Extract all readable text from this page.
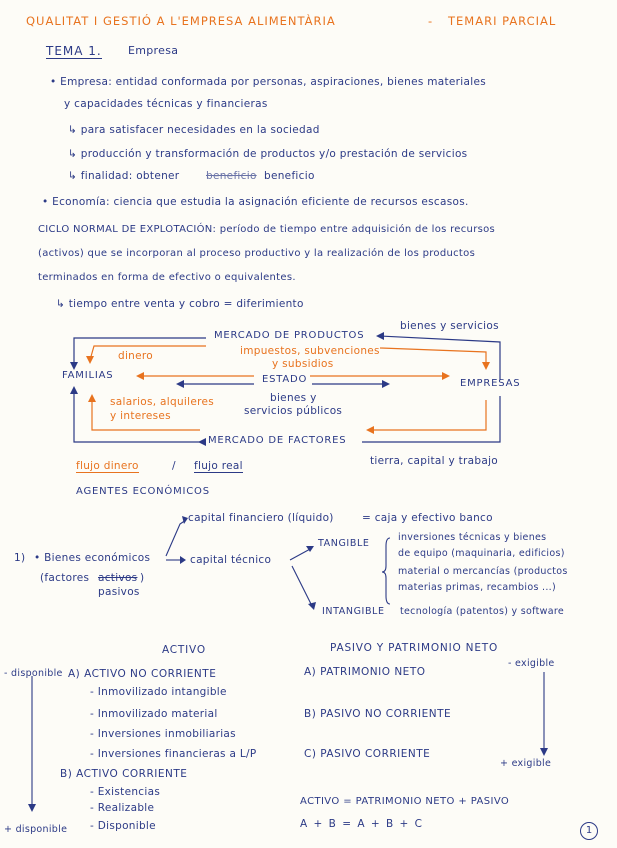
QUALITAT I GESTIÓ A L'EMPRESA ALIMENTÀRIA	- TEMARI PARCIAL
TEMA 1. Empresa
• Empresa: entidad conformada por personas, aspiraciones, bienes materiales
y capacidades técnicas y financieras
↳ para satisfacer necesidades en la sociedad
↳ producción y transformación de productos y/o prestación de servicios
↳ finalidad: obtener	beneficio beneficio
• Economía: ciencia que estudia la asignación eficiente de recursos escasos.
CICLO NORMAL DE EXPLOTACIÓN: período de tiempo entre adquisición de los recursos
(activos) que se incorporan al proceso productivo y la realización de los productos
terminados en forma de efectivo o equivalentes.
↳ tiempo entre venta y cobro = diferimiento
MERCADO DE PRODUCTOS
bienes y servicios
dinero	impuestos, subvenciones
y subsidios
FAMILIAS	ESTADO	EMPRESAS
salarios, alquileres
y intereses
bienes y
servicios públicos
MERCADO DE FACTORES
tierra, capital y trabajo
flujo dinero	/ flujo real
AGENTES ECONÓMICOS
1) • Bienes económicos
(factores activos )
pasivos
capital financiero (líquido)	= caja y efectivo banco
capital técnico
TANGIBLE
inversiones técnicas y bienes
de equipo (maquinaria, edificios)
material o mercancías (productos
materias primas, recambios ...)
INTANGIBLE tecnología (patentos) y software
ACTIVO
- disponible A) ACTIVO NO CORRIENTE
- Inmovilizado intangible
- Inmovilizado material
- Inversiones inmobiliarias
- Inversiones financieras a L/P
B) ACTIVO CORRIENTE
- Existencias
- Realizable
- Disponible
+ disponible
PASIVO Y PATRIMONIO NETO
- exigible
A) PATRIMONIO NETO
B) PASIVO NO CORRIENTE
C) PASIVO CORRIENTE
+ exigible
ACTIVO = PATRIMONIO NETO + PASIVO
A + B = A + B + C
1
